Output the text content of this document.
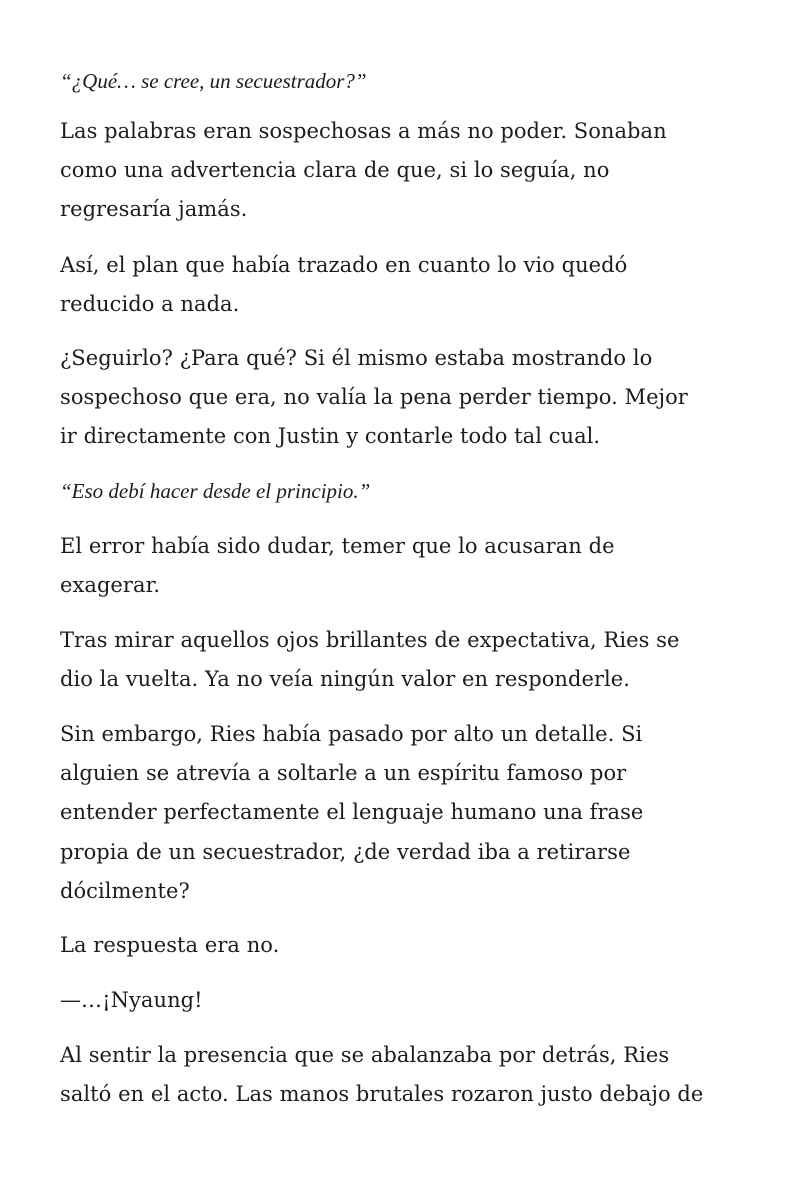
“¿Qué… se cree, un secuestrador?”

Las palabras eran sospechosas a más no poder. Sonaban
como una advertencia clara de que, si lo seguía, no
regresaría jamás.

Así, el plan que había trazado en cuanto lo vio quedó
reducido a nada.

¿Seguirlo? ¿Para qué? Si él mismo estaba mostrando lo
sospechoso que era, no valía la pena perder tiempo. Mejor
ir directamente con Justin y contarle todo tal cual.

“Eso debí hacer desde el principio.”

El error había sido dudar, temer que lo acusaran de
exagerar.

Tras mirar aquellos ojos brillantes de expectativa, Ries se
dio la vuelta. Ya no veía ningún valor en responderle.

Sin embargo, Ries había pasado por alto un detalle. Si
alguien se atrevía a soltarle a un espíritu famoso por
entender perfectamente el lenguaje humano una frase
propia de un secuestrador, ¿de verdad iba a retirarse
dócilmente?

La respuesta era no.

—…¡Nyaung!

Al sentir la presencia que se abalanzaba por detrás, Ries
saltó en el acto. Las manos brutales rozaron justo debajo de
